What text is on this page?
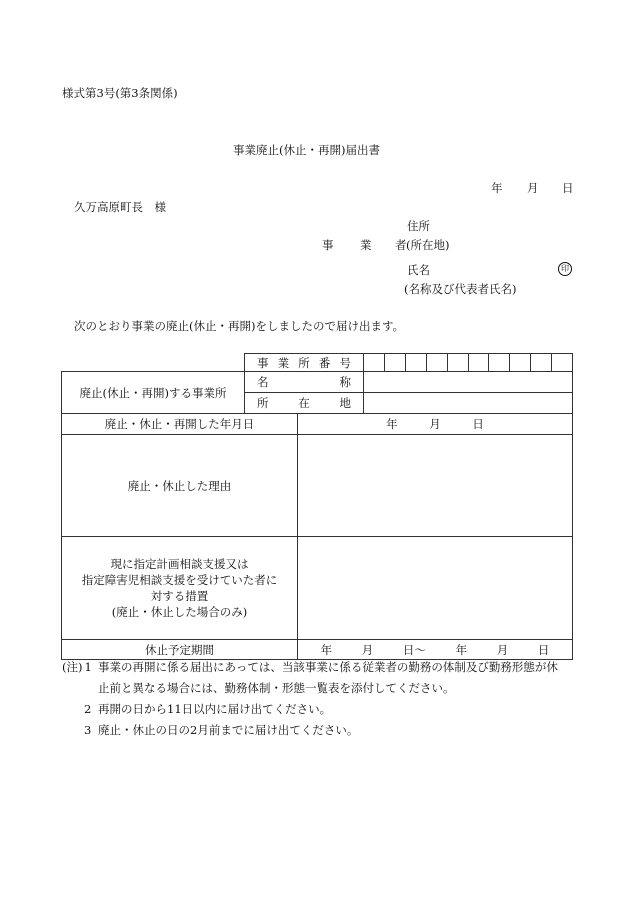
様式第3号(第3条関係)
事業廃止(休止・再開)届出書
年 月 日
久万高原町長　様
住所
事 業 者 (所在地)
氏名	印
(名称及び代表者氏名)
次のとおり事業の廃止(休止・再開)をしましたので届け出ます。

	事 業 所 番 号		

廃止(休止・再開)する事業所	名 称		

	所 在 地		

廃止・休止・再開した年月日		年 月 日	
廃止・休止した理由			

現に指定計画相談支援又は
指定障害児相談支援を受けていた者に
対する措置
(廃止・休止した場合のみ)			

休止予定期間		年 月 日〜 年 月 日	
(注) 1 事業の再開に係る届出にあっては、当該事業に係る従業者の勤務の体制及び勤務形態が休
止前と異なる場合には、勤務体制・形態一覧表を添付してください。
2 再開の日から11日以内に届け出てください。
3 廃止・休止の日の2月前までに届け出てください。
